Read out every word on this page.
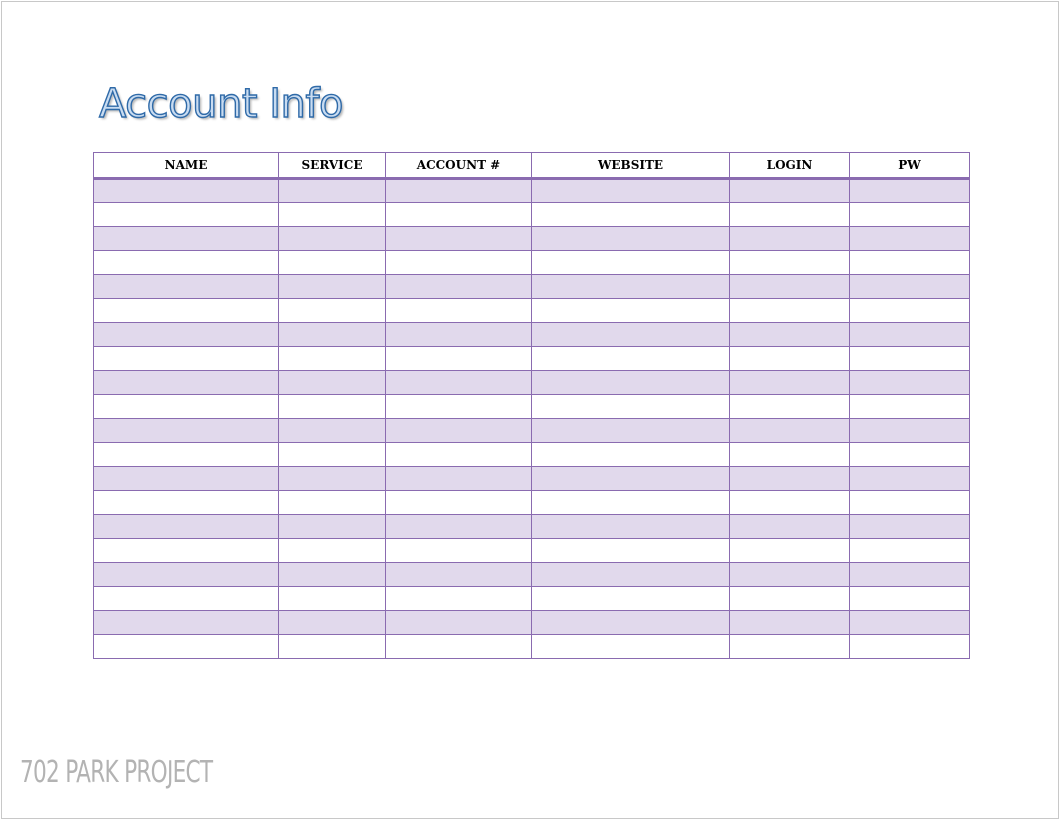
Account Info
NAME	SERVICE	ACCOUNT #	WEBSITE	LOGIN	PW

702 PARK PROJECT
